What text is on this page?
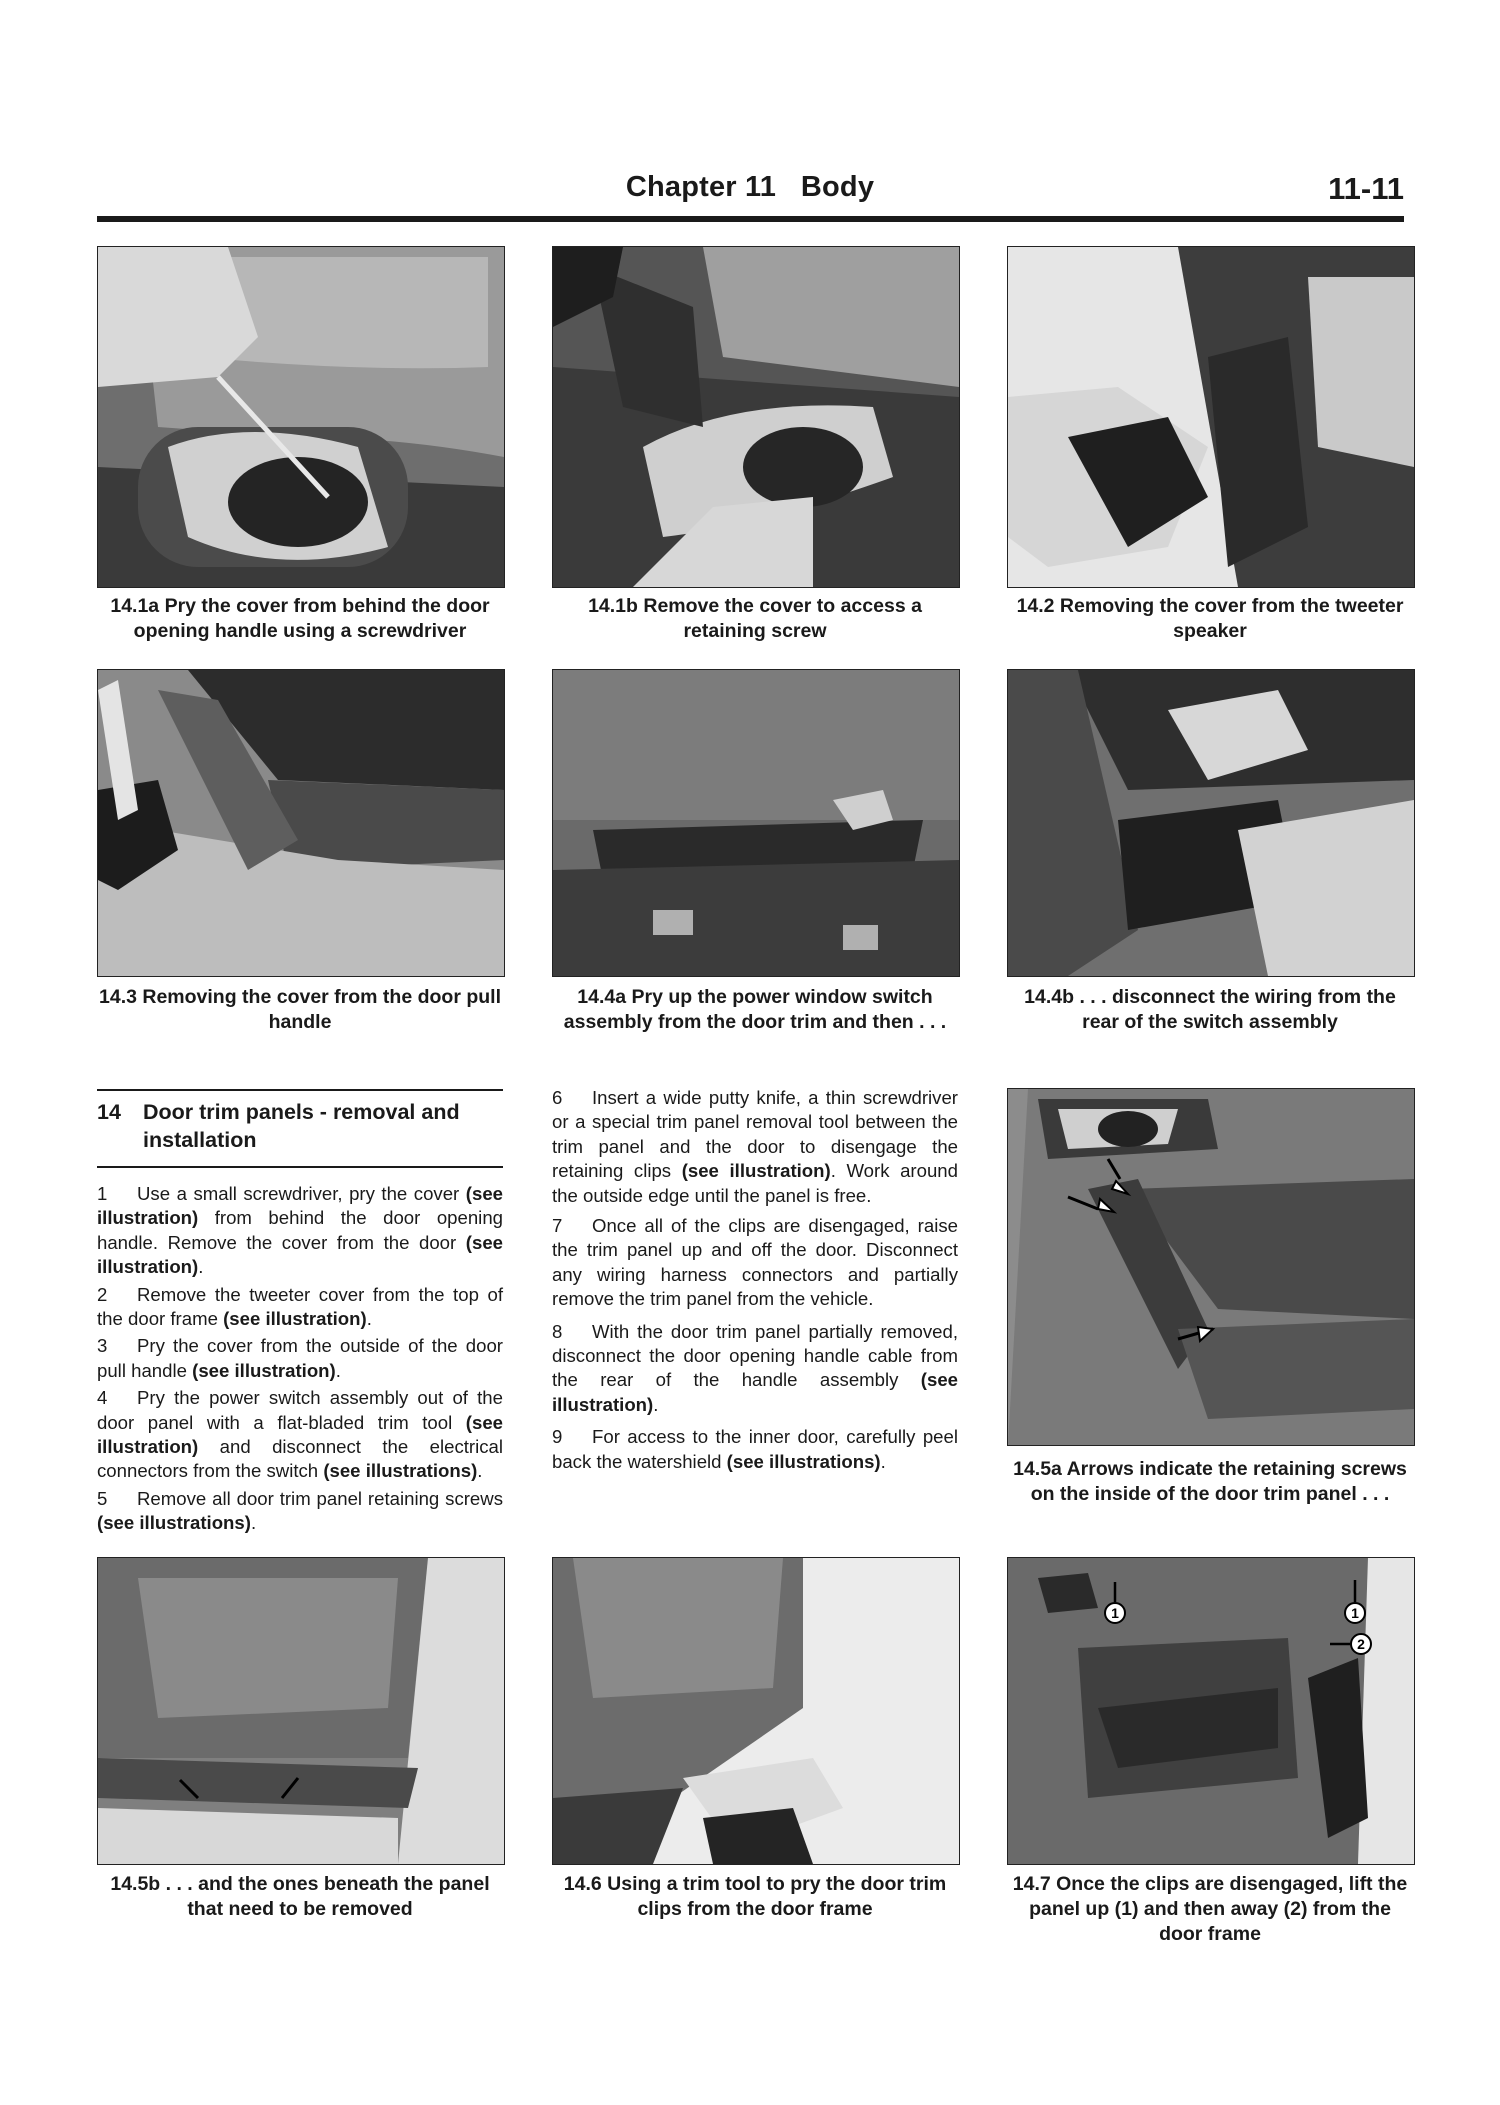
Chapter 11   Body	11-11
14.1a Pry the cover from behind the door opening handle using a screwdriver
14.1b Remove the cover to access a retaining screw
14.2 Removing the cover from the tweeter speaker
14.3 Removing the cover from the door pull handle
14.4a Pry up the power window switch assembly from the door trim and then . . .
14.4b . . . disconnect the wiring from the rear of the switch assembly
14 Door trim panels - removal and installation

1 Use a small screwdriver, pry the cover (see illustration) from behind the door opening handle. Remove the cover from the door (see illustration).

2 Remove the tweeter cover from the top of the door frame (see illustration).

3 Pry the cover from the outside of the door pull handle (see illustration).

4 Pry the power switch assembly out of the door panel with a flat-bladed trim tool (see illustration) and disconnect the electrical connectors from the switch (see illustrations).

5 Remove all door trim panel retaining screws (see illustrations).

6 Insert a wide putty knife, a thin screwdriver or a special trim panel removal tool between the trim panel and the door to disengage the retaining clips (see illustration). Work around the outside edge until the panel is free.

7 Once all of the clips are disengaged, raise the trim panel up and off the door. Disconnect any wiring harness connectors and partially remove the trim panel from the vehicle.

8 With the door trim panel partially removed, disconnect the door opening handle cable from the rear of the handle assembly (see illustration).

9 For access to the inner door, carefully peel back the watershield (see illustrations).	14.5a Arrows indicate the retaining screws on the inside of the door trim panel . . .
1	1
2
14.5b . . . and the ones beneath the panel that need to be removed
14.6 Using a trim tool to pry the door trim clips from the door frame
14.7 Once the clips are disengaged, lift the panel up (1) and then away (2) from the door frame
